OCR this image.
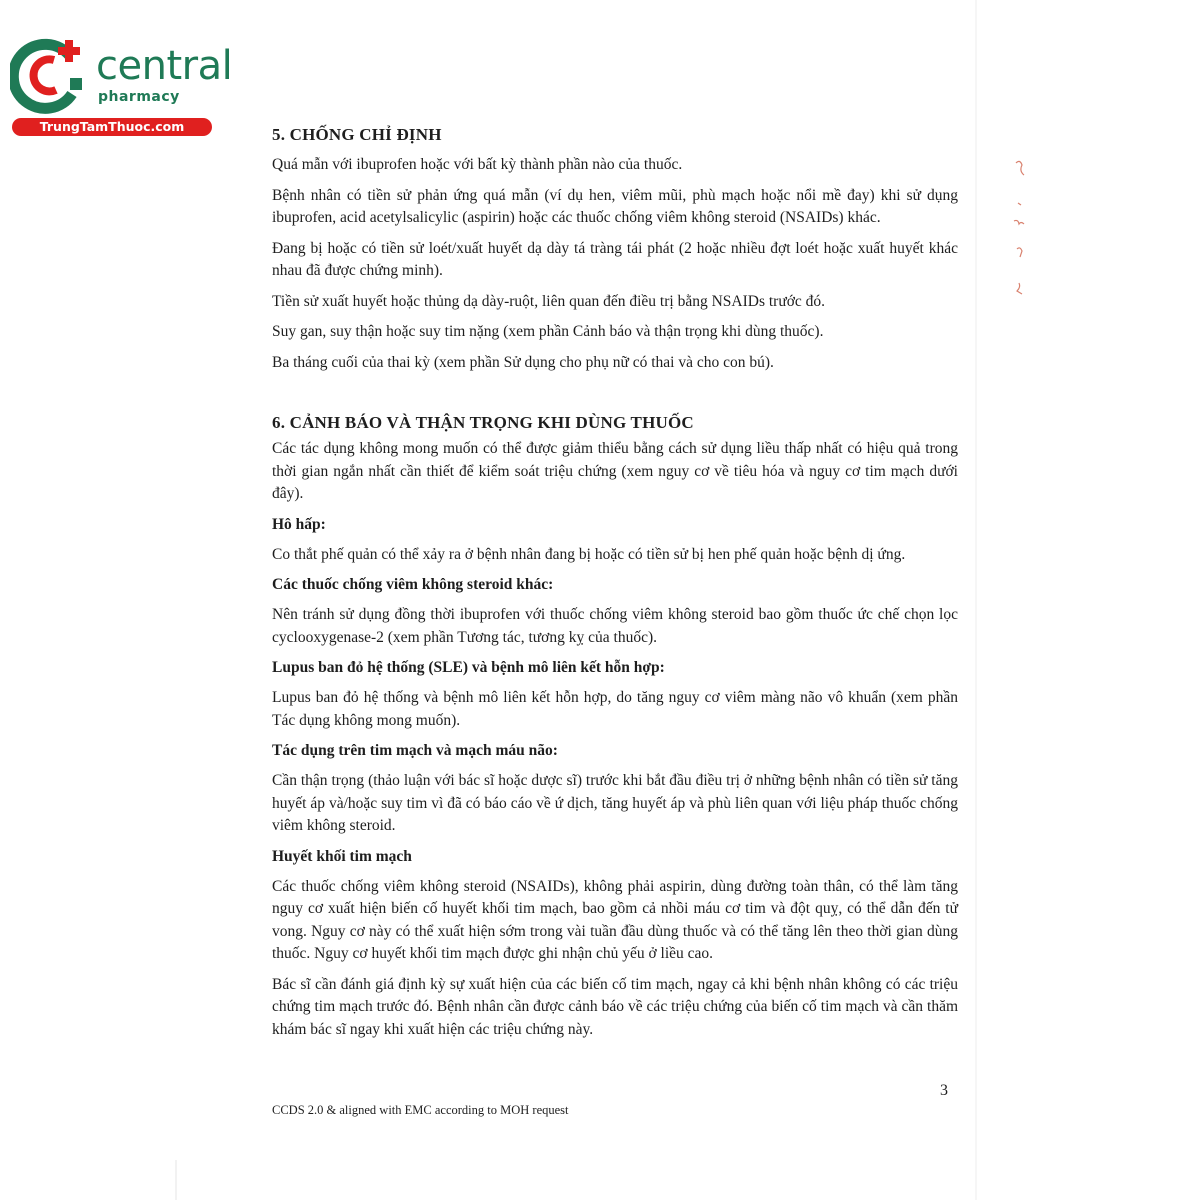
central
pharmacy
TrungTamThuoc.com	5. CHỐNG CHỈ ĐỊNH

Quá mẫn với ibuprofen hoặc với bất kỳ thành phần nào của thuốc.

Bệnh nhân có tiền sử phản ứng quá mẫn (ví dụ hen, viêm mũi, phù mạch hoặc nổi mề đay) khi sử dụng ibuprofen, acid acetylsalicylic (aspirin) hoặc các thuốc chống viêm không steroid (NSAIDs) khác.

Đang bị hoặc có tiền sử loét/xuất huyết dạ dày tá tràng tái phát (2 hoặc nhiều đợt loét hoặc xuất huyết khác nhau đã được chứng minh).

Tiền sử xuất huyết hoặc thủng dạ dày-ruột, liên quan đến điều trị bằng NSAIDs trước đó.

Suy gan, suy thận hoặc suy tim nặng (xem phần Cảnh báo và thận trọng khi dùng thuốc).

Ba tháng cuối của thai kỳ (xem phần Sử dụng cho phụ nữ có thai và cho con bú).

6. CẢNH BÁO VÀ THẬN TRỌNG KHI DÙNG THUỐC

Các tác dụng không mong muốn có thể được giảm thiểu bằng cách sử dụng liều thấp nhất có hiệu quả trong thời gian ngắn nhất cần thiết để kiểm soát triệu chứng (xem nguy cơ về tiêu hóa và nguy cơ tim mạch dưới đây).

Hô hấp:

Co thắt phế quản có thể xảy ra ở bệnh nhân đang bị hoặc có tiền sử bị hen phế quản hoặc bệnh dị ứng.

Các thuốc chống viêm không steroid khác:

Nên tránh sử dụng đồng thời ibuprofen với thuốc chống viêm không steroid bao gồm thuốc ức chế chọn lọc cyclooxygenase-2 (xem phần Tương tác, tương kỵ của thuốc).

Lupus ban đỏ hệ thống (SLE) và bệnh mô liên kết hỗn hợp:

Lupus ban đỏ hệ thống và bệnh mô liên kết hỗn hợp, do tăng nguy cơ viêm màng não vô khuẩn (xem phần Tác dụng không mong muốn).

Tác dụng trên tim mạch và mạch máu não:

Cần thận trọng (thảo luận với bác sĩ hoặc dược sĩ) trước khi bắt đầu điều trị ở những bệnh nhân có tiền sử tăng huyết áp và/hoặc suy tim vì đã có báo cáo về ứ dịch, tăng huyết áp và phù liên quan với liệu pháp thuốc chống viêm không steroid.

Huyết khối tim mạch

Các thuốc chống viêm không steroid (NSAIDs), không phải aspirin, dùng đường toàn thân, có thể làm tăng nguy cơ xuất hiện biến cố huyết khối tim mạch, bao gồm cả nhồi máu cơ tim và đột quỵ, có thể dẫn đến tử vong. Nguy cơ này có thể xuất hiện sớm trong vài tuần đầu dùng thuốc và có thể tăng lên theo thời gian dùng thuốc. Nguy cơ huyết khối tim mạch được ghi nhận chủ yếu ở liều cao.

Bác sĩ cần đánh giá định kỳ sự xuất hiện của các biến cố tim mạch, ngay cả khi bệnh nhân không có các triệu chứng tim mạch trước đó. Bệnh nhân cần được cảnh báo về các triệu chứng của biến cố tim mạch và cần thăm khám bác sĩ ngay khi xuất hiện các triệu chứng này.

3
CCDS 2.0 & aligned with EMC according to MOH request
